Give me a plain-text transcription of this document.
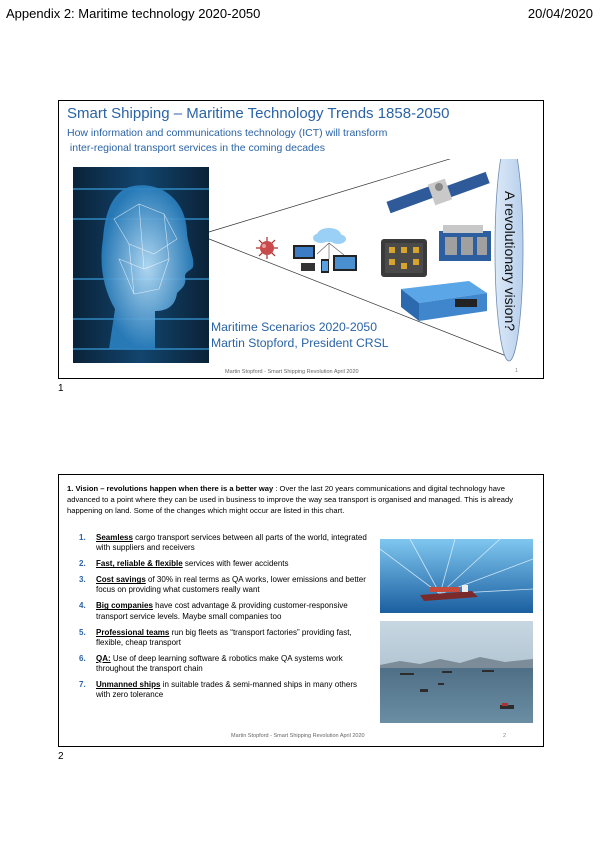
Appendix 2: Maritime technology 2020-2050	20/04/2020
Smart Shipping – Maritime Technology Trends 1858-2050
How information and communications technology (ICT) will transform
inter-regional transport services in the coming decades
A revolutionary vision?
Maritime Scenarios 2020-2050
Martin Stopford, President CRSL
Martin Stopford - Smart Shipping Revolution April 2020	1
1
1. Vision – revolutions happen when there is a better way : Over the last 20 years communications and digital technology have advanced to a point where they can be used in business to improve the way sea transport is organised and managed. This is already happening on land. Some of the changes which might occur are listed in this chart.
1. Seamless cargo transport services between all parts of the world, integrated with suppliers and receivers
2. Fast, reliable & flexible services with fewer accidents
3. Cost savings of 30% in real terms as QA works, lower emissions and better focus on providing what customers really want
4. Big companies have cost advantage & providing customer-responsive transport service levels. Maybe small companies too
5. Professional teams run big fleets as “transport factories” providing fast, flexible, cheap transport
6. QA: Use of deep learning software & robotics make QA systems work throughout the transport chain
7. Unmanned ships in suitable trades & semi-manned ships in many others with zero tolerance
Martin Stopford - Smart Shipping Revolution April 2020	2
2
